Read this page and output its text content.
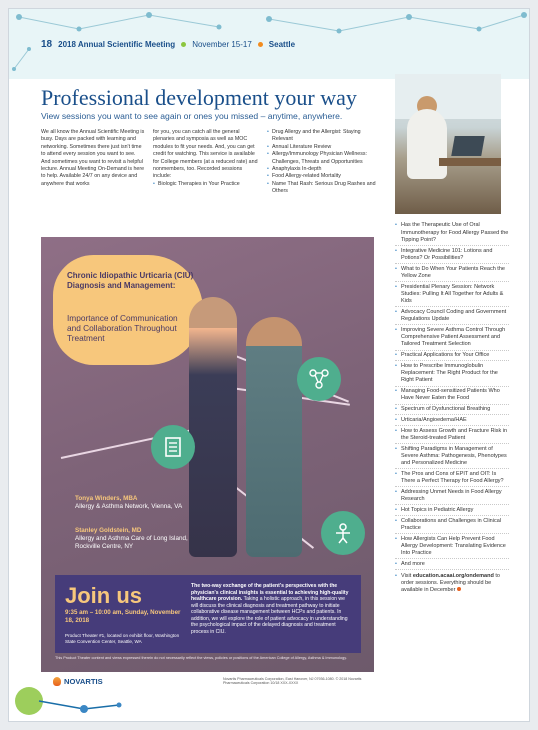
18 2018 Annual Scientific Meeting November 15-17 Seattle
Professional development your way
View sessions you want to see again or ones you missed – anytime, anywhere.

We all know the Annual Scientific Meeting is busy. Days are packed with learning and networking. Sometimes there just isn't time to attend every session you want to see. And sometimes you want to revisit a helpful lecture. Annual Meeting On-Demand is here to help. Available 24/7 on any device and anywhere that works

for you, you can catch all the general plenaries and symposia as well as MOC modules to fit your needs. And, you can get credit for watching. This service is available for College members (at a reduced rate) and nonmembers, too. Recorded sessions include:

• Biologic Therapies in Your Practice
• Drug Allergy and the Allergist: Staying Relevant
• Annual Literature Review
• Allergy/Immunology Physician Wellness: Challenges, Threats and Opportunities
• Anaphylaxis In-depth
• Food Allergy-related Mortality
• Name That Rash: Serious Drug Rashes and Others
• Has the Therapeutic Use of Oral Immunotherapy for Food Allergy Passed the Tipping Point?
• Integrative Medicine 101: Lotions and Potions? Or Possibilities?
• What to Do When Your Patients Reach the Yellow Zone
• Presidential Plenary Session: Network Studies: Pulling It All Together for Adults & Kids
• Advocacy Council Coding and Government Regulations Update
• Improving Severe Asthma Control Through Comprehensive Patient Assessment and Tailored Treatment Selection
• Practical Applications for Your Office
• How to Prescribe Immunoglobulin Replacement: The Right Product for the Right Patient
• Managing Food-sensitized Patients Who Have Never Eaten the Food
• Spectrum of Dysfunctional Breathing
• Urticaria/Angioedema/HAE
• How to Assess Growth and Fracture Risk in the Steroid-treated Patient
• Shifting Paradigms in Management of Severe Asthma: Pathogenesis, Phenotypes and Personalized Medicine
• The Pros and Cons of EPIT and OIT: Is There a Perfect Therapy for Food Allergy?
• Addressing Unmet Needs in Food Allergy Research
• Hot Topics in Pediatric Allergy
• Collaborations and Challenges in Clinical Practice
• How Allergists Can Help Prevent Food Allergy Development: Translating Evidence Into Practice
• And more
• Visit education.acaai.org/ondemand to order sessions. Everything should be available in December
Chronic Idiopathic Urticaria (CIU) Diagnosis and Management:
Importance of Communication and Collaboration Throughout Treatment
Tonya Winders, MBA
Allergy & Asthma Network, Vienna, VA
Stanley Goldstein, MD
Allergy and Asthma Care of Long Island, Rockville Centre, NY
Join us
9:35 am – 10:00 am, Sunday, November 18, 2018
Product Theater #1, located on exhibit floor, Washington State Convention Center, Seattle, WA
The two-way exchange of the patient's perspectives with the physician's clinical insights is essential to achieving high-quality healthcare provision. Taking a holistic approach, in this session we will discuss the clinical diagnosis and treatment pathway to initiate collaborative disease management between HCPs and patients. In addition, we will explore the role of patient advocacy in understanding the psychological impact of the delayed diagnosis and treatment process in CIU.
This Product Theater content and views expressed therein do not necessarily reflect the views, policies or positions of the American College of Allergy, Asthma & Immunology.
NOVARTIS	Novartis Pharmaceuticals Corporation, East Hanover, NJ 07936-1080. © 2018 Novartis Pharmaceuticals Corporation 10/18 XXX-XXXX
